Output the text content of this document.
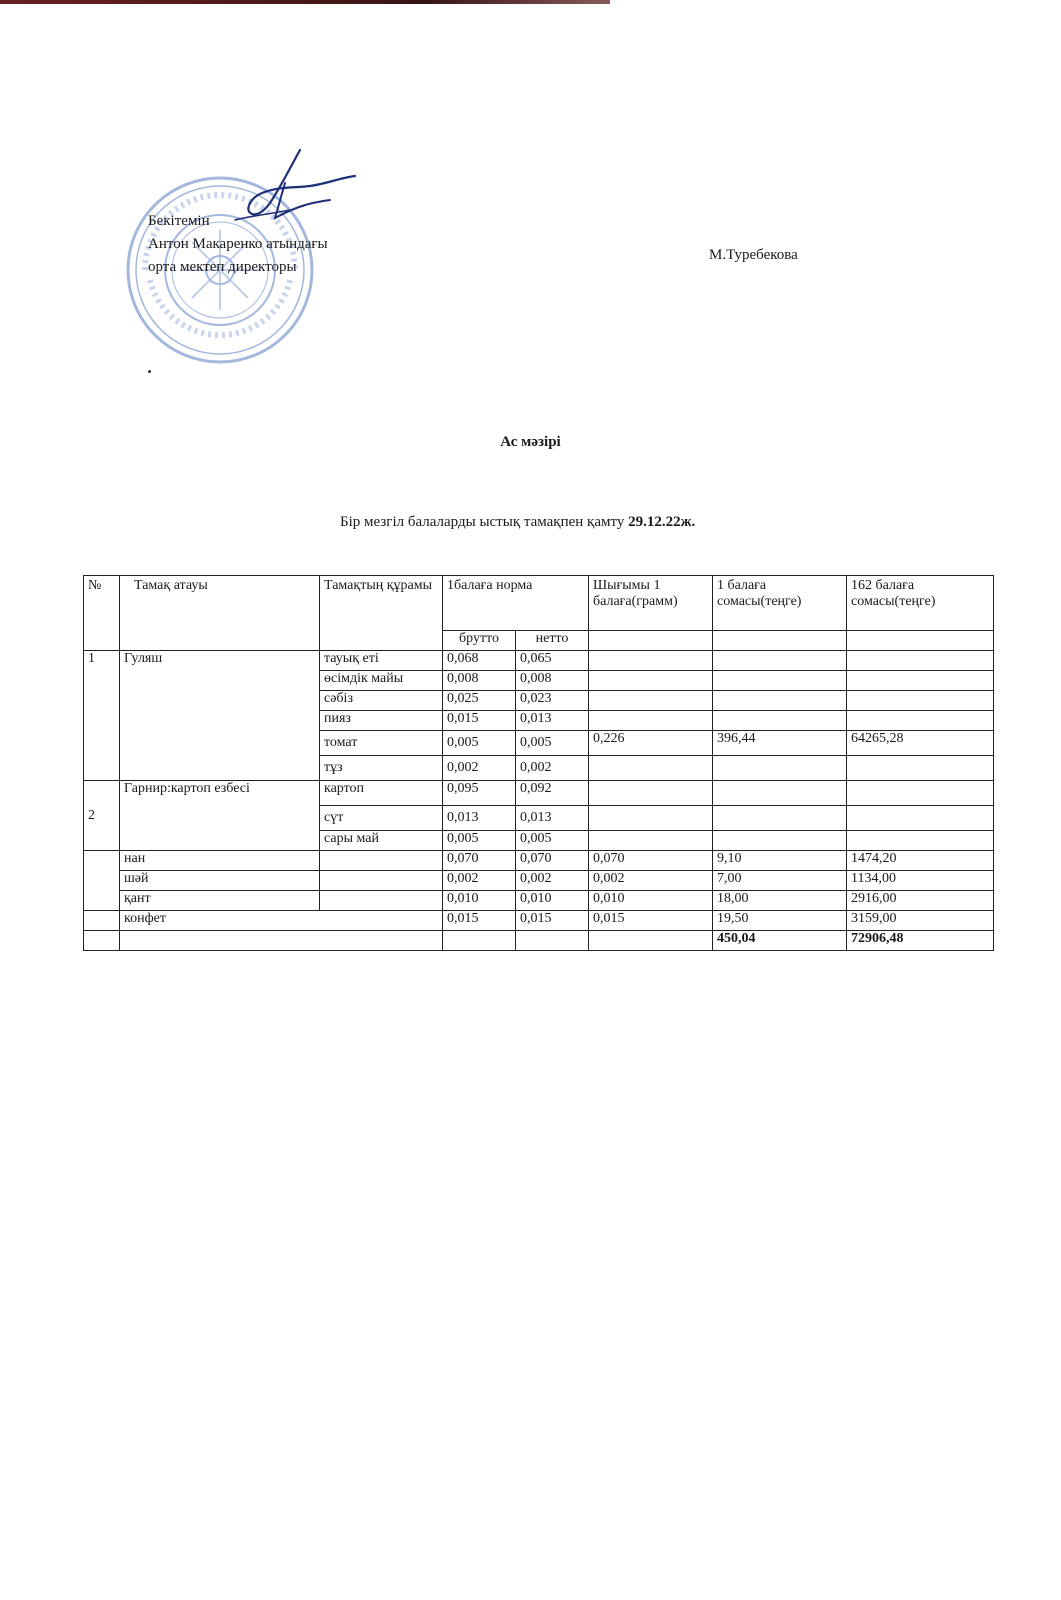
Бекітемін
Антон Макаренко атындағы
орта мектеп директоры
М.Туребекова
Ас мәзірі
Бір мезгіл балаларды ыстық тамақпен қамту 29.12.22ж.
№	Тамақ атауы	Тамақтың құрамы	1балаға норма		Шығымы 1 балаға(грамм)	1 балаға сомасы(теңге)	162 балаға сомасы(теңге)
			брутто	нетто			
1	Гуляш	тауық еті	0,068	0,065			
		өсімдік майы	0,008	0,008			
		сәбіз	0,025	0,023			
		пияз	0,015	0,013			
		томат	0,005	0,005	0,226	396,44	64265,28
		тұз	0,002	0,002			
2	Гарнир:картоп езбесі	картоп	0,095	0,092			
		сүт	0,013	0,013			
		сары май	0,005	0,005			
	нан		0,070	0,070	0,070	9,10	1474,20
	шәй		0,002	0,002	0,002	7,00	1134,00
	қант		0,010	0,010	0,010	18,00	2916,00
	конфет		0,015	0,015	0,015	19,50	3159,00
						450,04	72906,48
